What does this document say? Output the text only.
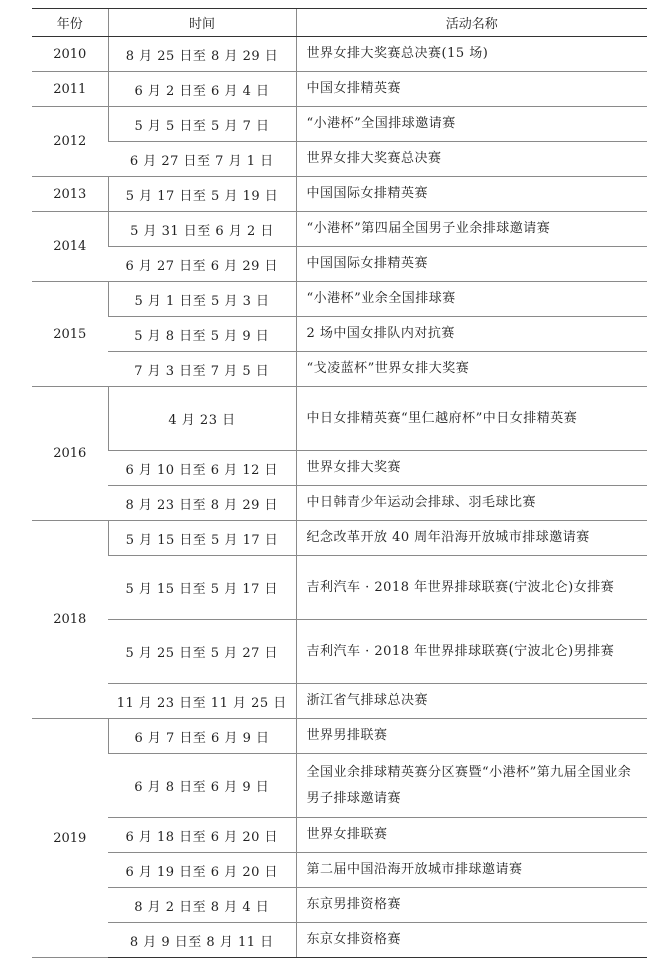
年份	时间	活动名称
2010	8 月 25 日至 8 月 29 日	世界女排大奖赛总决赛(15 场)
2011	6 月 2 日至 6 月 4 日	中国女排精英赛
2012	5 月 5 日至 5 月 7 日	“小港杯”全国排球邀请赛
	6 月 27 日至 7 月 1 日	世界女排大奖赛总决赛
2013	5 月 17 日至 5 月 19 日	中国国际女排精英赛
2014	5 月 31 日至 6 月 2 日	“小港杯”第四届全国男子业余排球邀请赛
	6 月 27 日至 6 月 29 日	中国国际女排精英赛
2015	5 月 1 日至 5 月 3 日	“小港杯”业余全国排球赛
	5 月 8 日至 5 月 9 日	2 场中国女排队内对抗赛
	7 月 3 日至 7 月 5 日	“戈凌蓝杯”世界女排大奖赛
2016	4 月 23 日	中日女排精英赛“里仁越府杯”中日女排精英赛
	6 月 10 日至 6 月 12 日	世界女排大奖赛
	8 月 23 日至 8 月 29 日	中日韩青少年运动会排球、羽毛球比赛
2018	5 月 15 日至 5 月 17 日	纪念改革开放 40 周年沿海开放城市排球邀请赛
	5 月 15 日至 5 月 17 日	吉利汽车 · 2018 年世界排球联赛(宁波北仑)女排赛
	5 月 25 日至 5 月 27 日	吉利汽车 · 2018 年世界排球联赛(宁波北仑)男排赛
	11 月 23 日至 11 月 25 日	浙江省气排球总决赛
2019	6 月 7 日至 6 月 9 日	世界男排联赛
	6 月 8 日至 6 月 9 日	全国业余排球精英赛分区赛暨“小港杯”第九届全国业余男子排球邀请赛
	6 月 18 日至 6 月 20 日	世界女排联赛
	6 月 19 日至 6 月 20 日	第二届中国沿海开放城市排球邀请赛
	8 月 2 日至 8 月 4 日	东京男排资格赛
	8 月 9 日至 8 月 11 日	东京女排资格赛
